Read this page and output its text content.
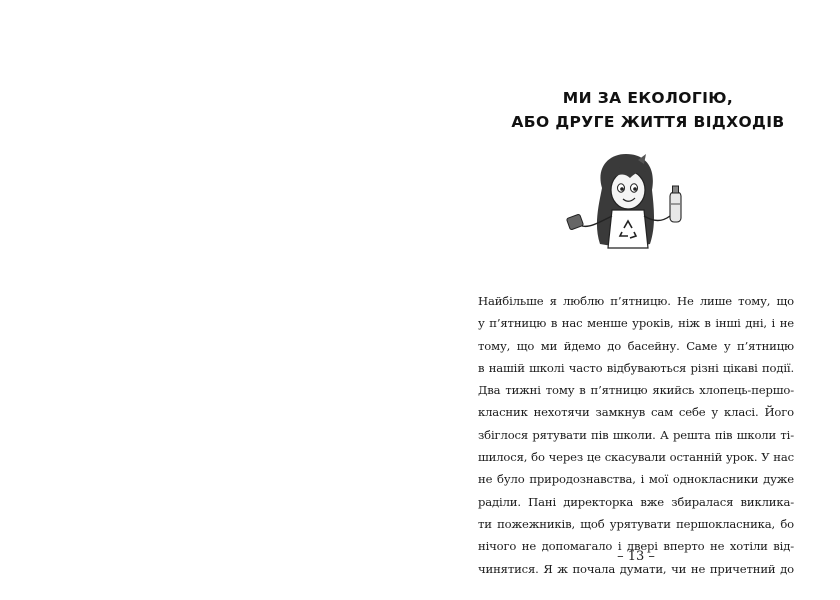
МИ ЗА ЕКОЛОГІЮ,
АБО ДРУГЕ ЖИТТЯ ВІДХОДІВ
Найбільше я люблю п’ятницю. Не лише тому, що
у п’ятницю в нас менше уроків, ніж в інші дні, і не
тому, що ми йдемо до басейну. Саме у п’ятницю
в нашій школі часто відбуваються різні цікаві події.
Два тижні тому в п’ятницю якийсь хлопець-першо-
класник нехотячи замкнув сам себе у класі. Його
збіглося рятувати пів школи. А решта пів школи ті-
шилося, бо через це скасували останній урок. У нас
не було природознавства, і мої однокласники дуже
раділи. Пані директорка вже збиралася виклика-
ти пожежників, щоб урятувати першокласника, бо
нічого не допомагало і двері вперто не хотіли від-
чинятися. Я ж почала думати, чи не причетний до
– 13 –
